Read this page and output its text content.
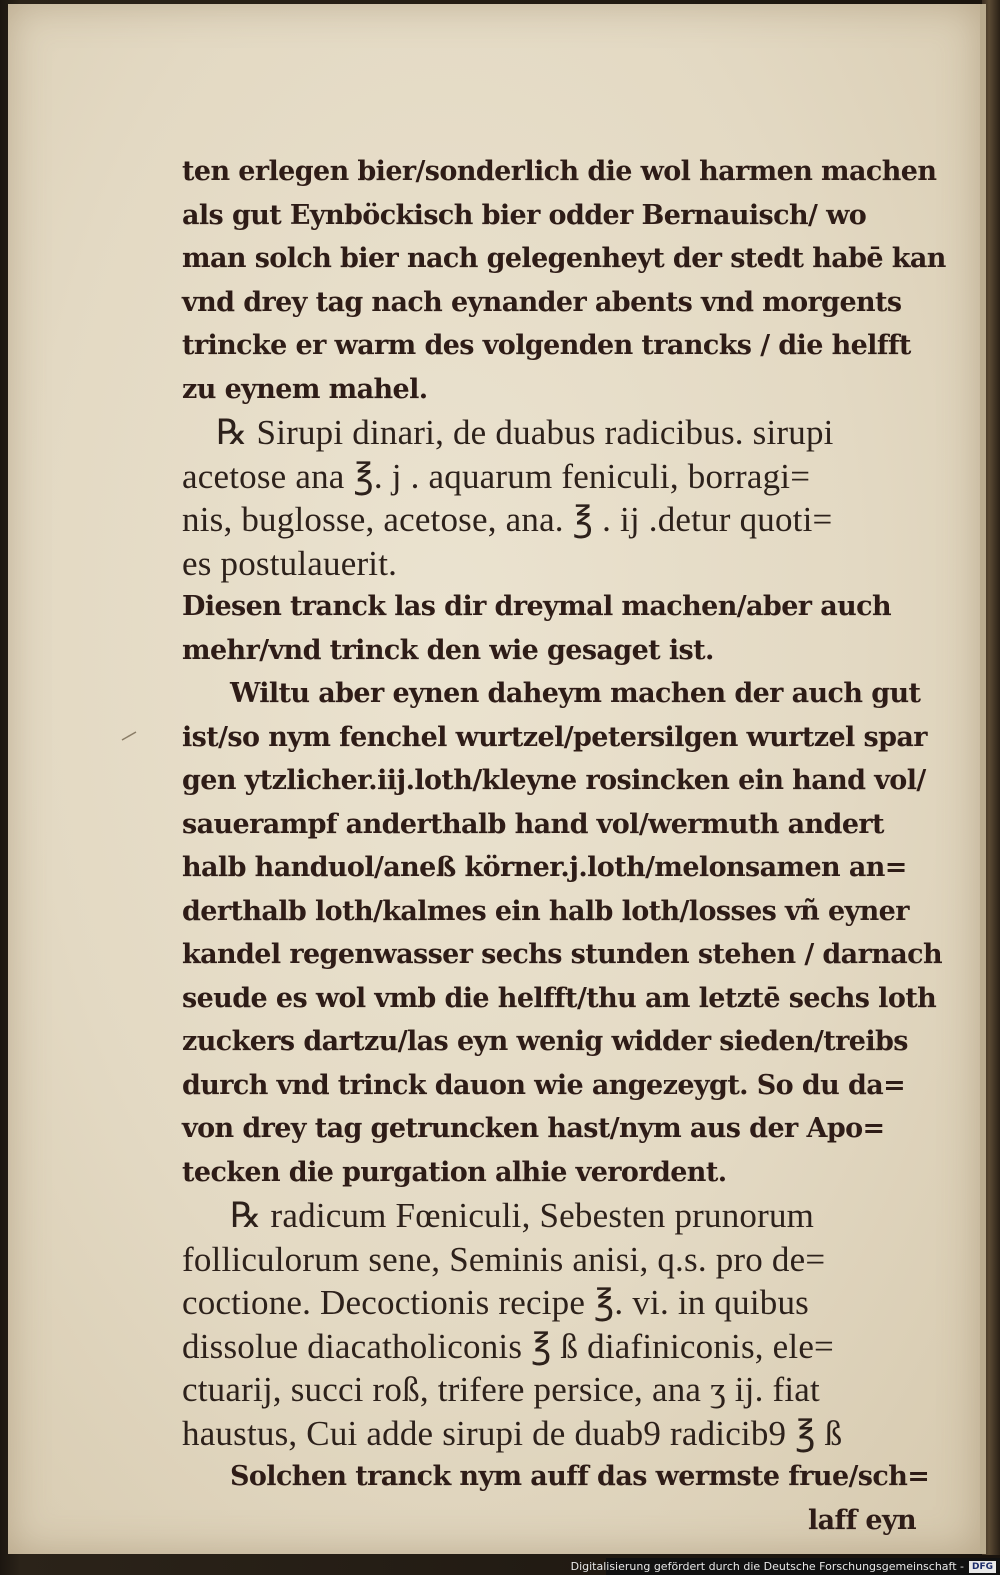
ten erlegen bier/sonderlich die wol harmen machen
als gut Eynböckisch bier odder Bernauisch/ wo
man solch bier nach gelegenheyt der stedt habē kan
vnd drey tag nach eynander abents vnd morgents
trincke er warm des volgenden trancks / die helfft
zu eynem mahel.
℞ Sirupi dinari, de duabus radicibus. sirupi
acetose ana ℥. j . aquarum feniculi, borragi=
nis, buglosse, acetose, ana. ℥ . ij .detur quoti=
es postulauerit.
Diesen tranck las dir dreymal machen/aber auch
mehr/vnd trinck den wie gesaget ist.
Wiltu aber eynen daheym machen der auch gut
ist/so nym fenchel wurtzel/petersilgen wurtzel spar
gen ytzlicher.iij.loth/kleyne rosincken ein hand vol/
sauerampf anderthalb hand vol/wermuth andert
halb handuol/aneß körner.j.loth/melonsamen an=
derthalb loth/kalmes ein halb loth/losses vñ eyner
kandel regenwasser sechs stunden stehen / darnach
seude es wol vmb die helfft/thu am letztē sechs loth
zuckers dartzu/las eyn wenig widder sieden/treibs
durch vnd trinck dauon wie angezeygt. So du da=
von drey tag getruncken hast/nym aus der Apo=
tecken die purgation alhie verordent.
℞ radicum Fœniculi, Sebesten prunorum
folliculorum sene, Seminis anisi, q.s. pro de=
coctione. Decoctionis recipe ℥. vi. in quibus
dissolue diacatholiconis ℥ ß diafiniconis, ele=
ctuarij, succi roß, trifere persice, ana ʒ ij. fiat
haustus, Cui adde sirupi de duab9 radicib9 ℥ ß
Solchen tranck nym auff das wermste frue/sch=
laff eyn
Digitalisierung gefördert durch die Deutsche Forschungsgemeinschaft - DFG
